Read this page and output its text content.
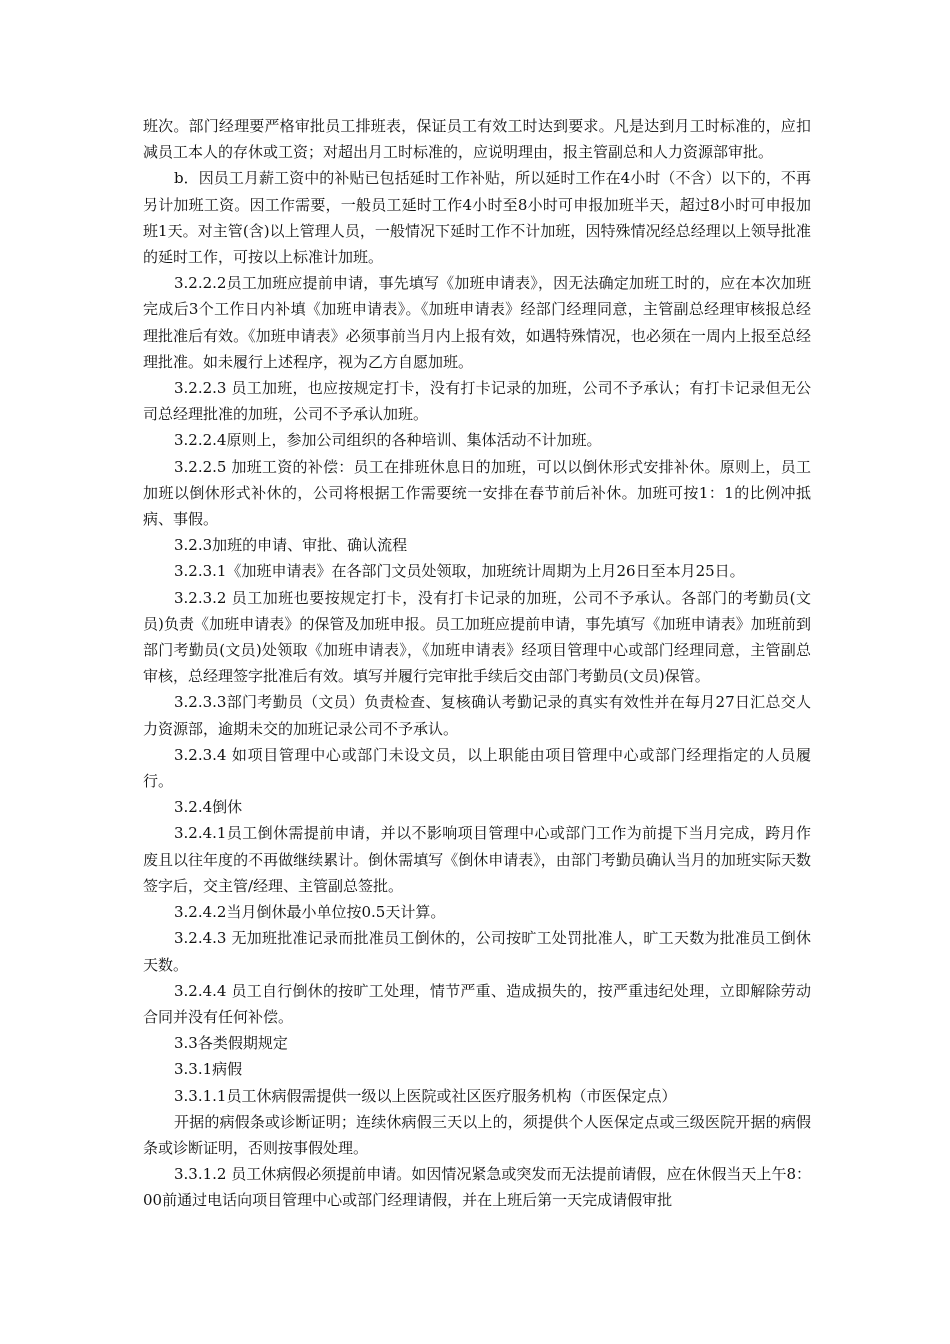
班次。部门经理要严格审批员工排班表，保证员工有效工时达到要求。凡是达到月工时标准的，应扣减员工本人的存休或工资；对超出月工时标准的，应说明理由，报主管副总和人力资源部审批。

b．因员工月薪工资中的补贴已包括延时工作补贴，所以延时工作在4小时（不含）以下的，不再另计加班工资。因工作需要，一般员工延时工作4小时至8小时可申报加班半天，超过8小时可申报加班1天。对主管(含)以上管理人员，一般情况下延时工作不计加班，因特殊情况经总经理以上领导批准的延时工作，可按以上标准计加班。

3.2.2.2员工加班应提前申请，事先填写《加班申请表》，因无法确定加班工时的，应在本次加班完成后3个工作日内补填《加班申请表》。《加班申请表》经部门经理同意，主管副总经理审核报总经理批准后有效。《加班申请表》必须事前当月内上报有效，如遇特殊情况，也必须在一周内上报至总经理批准。如未履行上述程序，视为乙方自愿加班。

3.2.2.3 员工加班，也应按规定打卡，没有打卡记录的加班，公司不予承认；有打卡记录但无公司总经理批准的加班，公司不予承认加班。

3.2.2.4原则上，参加公司组织的各种培训、集体活动不计加班。

3.2.2.5 加班工资的补偿：员工在排班休息日的加班，可以以倒休形式安排补休。原则上，员工加班以倒休形式补休的，公司将根据工作需要统一安排在春节前后补休。加班可按1：1的比例冲抵病、事假。

3.2.3加班的申请、审批、确认流程

3.2.3.1《加班申请表》在各部门文员处领取，加班统计周期为上月26日至本月25日。

3.2.3.2 员工加班也要按规定打卡，没有打卡记录的加班，公司不予承认。各部门的考勤员(文员)负责《加班申请表》的保管及加班申报。员工加班应提前申请，事先填写《加班申请表》加班前到部门考勤员(文员)处领取《加班申请表》，《加班申请表》经项目管理中心或部门经理同意，主管副总审核，总经理签字批准后有效。填写并履行完审批手续后交由部门考勤员(文员)保管。

3.2.3.3部门考勤员（文员）负责检查、复核确认考勤记录的真实有效性并在每月27日汇总交人力资源部，逾期未交的加班记录公司不予承认。

3.2.3.4 如项目管理中心或部门未设文员，以上职能由项目管理中心或部门经理指定的人员履行。

3.2.4倒休

3.2.4.1员工倒休需提前申请，并以不影响项目管理中心或部门工作为前提下当月完成，跨月作废且以往年度的不再做继续累计。倒休需填写《倒休申请表》，由部门考勤员确认当月的加班实际天数签字后，交主管/经理、主管副总签批。

3.2.4.2当月倒休最小单位按0.5天计算。

3.2.4.3 无加班批准记录而批准员工倒休的，公司按旷工处罚批准人，旷工天数为批准员工倒休天数。

3.2.4.4 员工自行倒休的按旷工处理，情节严重、造成损失的，按严重违纪处理，立即解除劳动合同并没有任何补偿。

3.3各类假期规定

3.3.1病假

3.3.1.1员工休病假需提供一级以上医院或社区医疗服务机构（市医保定点）

开据的病假条或诊断证明；连续休病假三天以上的，须提供个人医保定点或三级医院开据的病假条或诊断证明，否则按事假处理。

3.3.1.2 员工休病假必须提前申请。如因情况紧急或突发而无法提前请假，应在休假当天上午8：00前通过电话向项目管理中心或部门经理请假，并在上班后第一天完成请假审批
